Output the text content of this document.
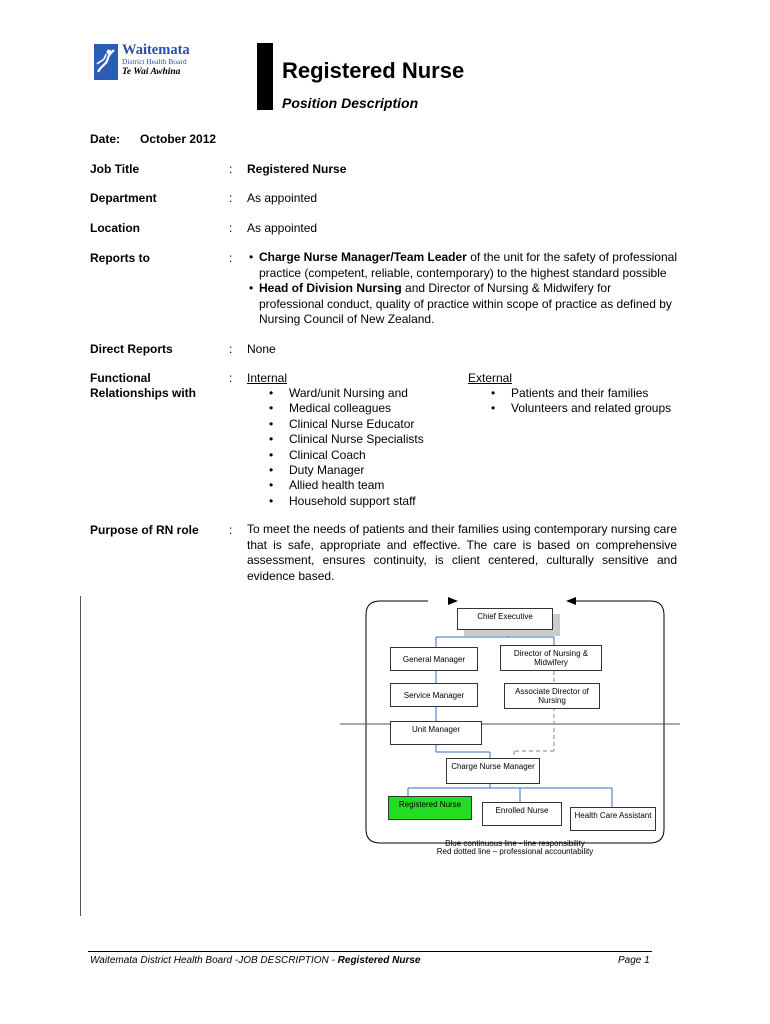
Waitemata
District Health Board
Te Wai Awhina	Registered Nurse
Position Description
Date: October 2012
Job Title	: Registered Nurse
Department	: As appointed
Location	: As appointed
Reports to	: • Charge Nurse Manager/Team Leader of the unit for the safety of professional practice (competent, reliable, contemporary) to the highest standard possible
• Head of Division Nursing and Director of Nursing & Midwifery for professional conduct, quality of practice within scope of practice as defined by Nursing Council of New Zealand.
Direct Reports	: None
Functional
Relationships with
: Internal
• Ward/unit Nursing and
• Medical colleagues
• Clinical Nurse Educator
• Clinical Nurse Specialists
• Clinical Coach
• Duty Manager
• Allied health team
• Household support staff
External
• Patients and their families
• Volunteers and related groups
Purpose of RN role	: To meet the needs of patients and their families using contemporary nursing care that is safe, appropriate and effective. The care is based on comprehensive assessment, ensures continuity, is client centered, culturally sensitive and evidence based.
Chief Executive
General Manager
Director of Nursing & Midwifery
Service Manager	Associate Director of Nursing
Unit Manager
Charge Nurse Manager
Registered Nurse
Enrolled Nurse
Health Care Assistant
Blue continuous line - line responsibility
Red dotted line – professional accountability
Waitemata District Health Board -JOB DESCRIPTION - Registered Nurse	Page 1
